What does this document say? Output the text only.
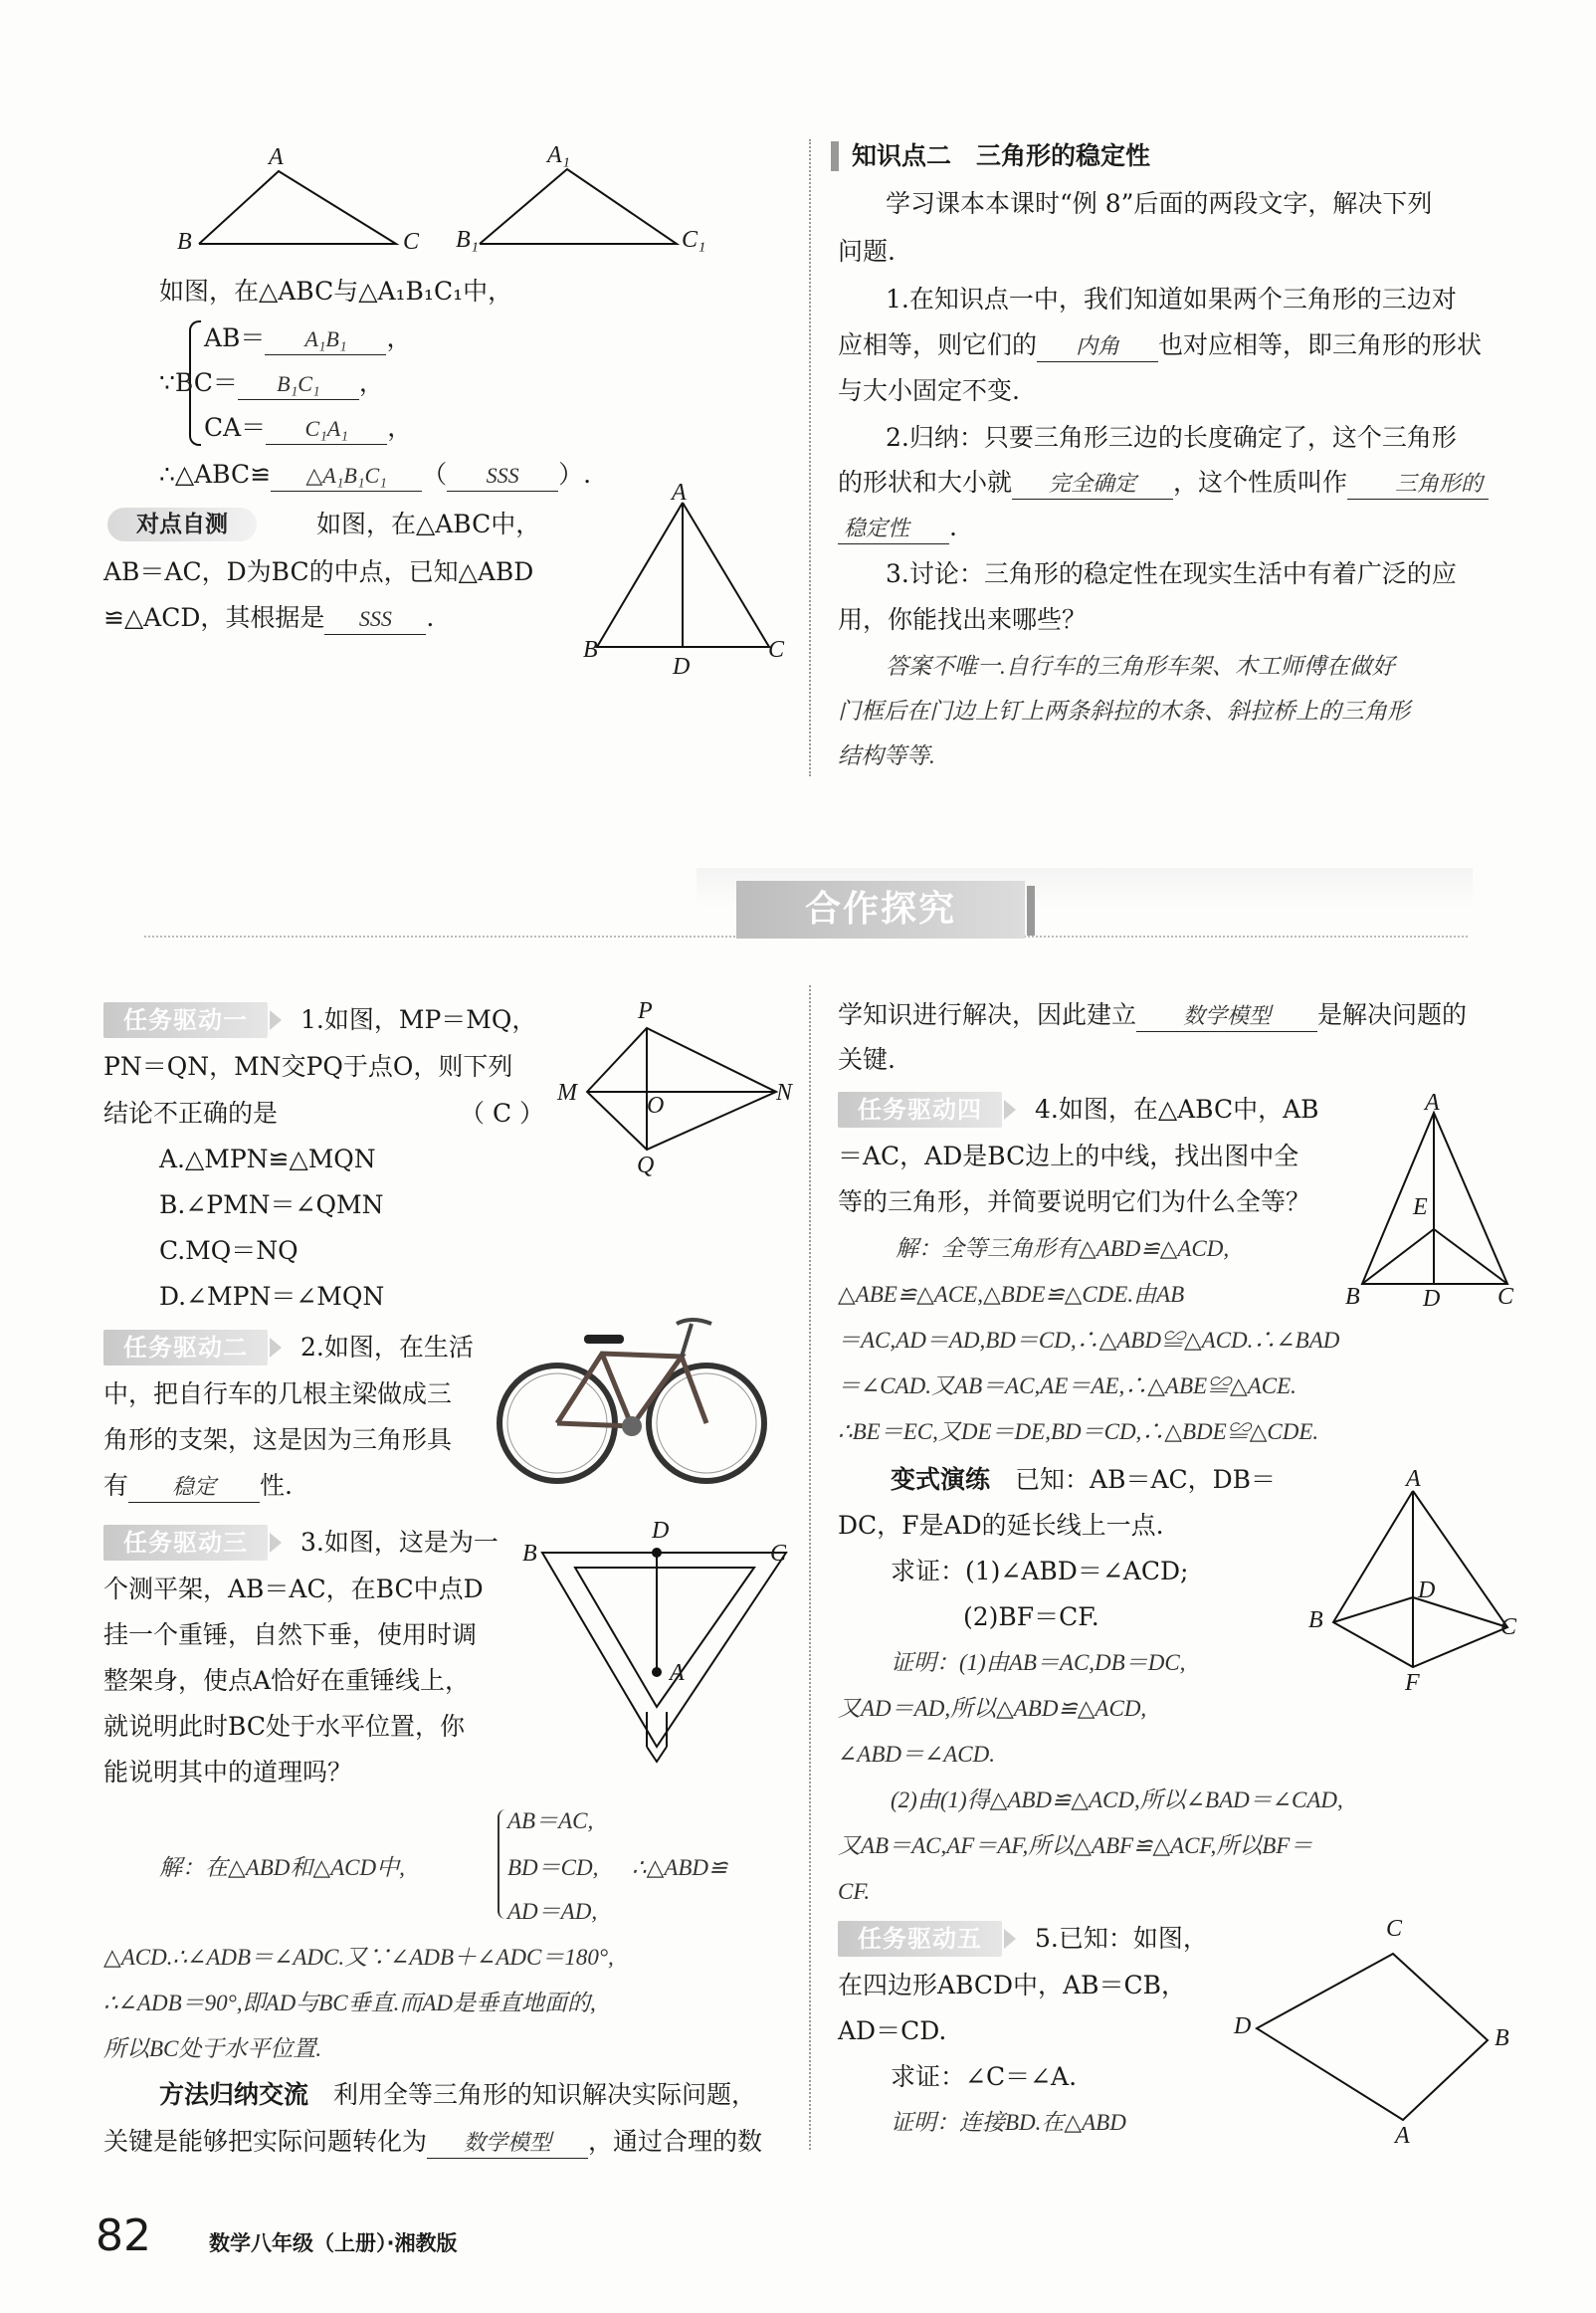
A
B	C
A₁
B₁	C₁
如图，在△ABC与△A₁B₁C₁中，
AB＝ A₁B₁ ，
∵BC＝ B₁C₁ ，
CA＝ C₁A₁ ，
∴△ABC≌ △A₁B₁C₁ （ SSS ）.
对点自测	如图，在△ABC中，
AB＝AC，D为BC的中点，已知△ABD
≌△ACD，其根据是 SSS .
A
B	C
D
知识点二　三角形的稳定性
学习课本本课时“例 8”后面的两段文字，解决下列
问题.
1.在知识点一中，我们知道如果两个三角形的三边对
应相等，则它们的 内角 也对应相等，即三角形的形状
与大小固定不变.
2.归纳：只要三角形三边的长度确定了，这个三角形
的形状和大小就 完全确定 ，这个性质叫作 三角形的
稳定性 .
3.讨论：三角形的稳定性在现实生活中有着广泛的应
用，你能找出来哪些？
答案不唯一.自行车的三角形车架、木工师傅在做好
门框后在门边上钉上两条斜拉的木条、斜拉桥上的三角形
结构等等.
合作探究
任务驱动一	1.如图，MP＝MQ，
PN＝QN，MN交PQ于点O，则下列
结论不正确的是	（ C ）
A.△MPN≌△MQN
B.∠PMN＝∠QMN
C.MQ＝NQ
D.∠MPN＝∠MQN
P
M	O	N
Q
任务驱动二	2.如图，在生活
中，把自行车的几根主梁做成三
角形的支架，这是因为三角形具
有 稳定 性.
任务驱动三	3.如图，这是为一
个测平架，AB＝AC，在BC中点D
挂一个重锤，自然下垂，使用时调
整架身，使点A恰好在重锤线上，
就说明此时BC处于水平位置，你
能说明其中的道理吗？
B
D
C
A
AB＝AC,
解：在△ABD和△ACD中,	BD＝CD, ∴△ABD≌
AD＝AD,
△ACD.∴∠ADB＝∠ADC.又∵∠ADB＋∠ADC＝180°,
∴∠ADB＝90°,即AD与BC垂直.而AD是垂直地面的,
所以BC处于水平位置.
方法归纳交流　 利用全等三角形的知识解决实际问题，
关键是能够把实际问题转化为 数学模型 ，通过合理的数
学知识进行解决，因此建立 数学模型 是解决问题的
关键.
任务驱动四	4.如图，在△ABC中，AB
＝AC，AD是BC边上的中线，找出图中全
等的三角形，并简要说明它们为什么全等？
解：全等三角形有△ABD≌△ACD,
△ABE≌△ACE,△BDE≌△CDE.由AB
＝AC,AD＝AD,BD＝CD,∴△ABD≌△ACD.∴∠BAD
＝∠CAD.又AB＝AC,AE＝AE,∴△ABE≌△ACE.
∴BE＝EC,又DE＝DE,BD＝CD,∴△BDE≌△CDE.
A
E
B	D C
变式演练　 已知：AB＝AC，DB＝
DC，F是AD的延长线上一点.
求证：(1)∠ABD＝∠ACD;
(2)BF＝CF.
证明：(1)由AB＝AC,DB＝DC,
又AD＝AD,所以△ABD≌△ACD,
∠ABD＝∠ACD.
(2)由(1)得△ABD≌△ACD,所以∠BAD＝∠CAD,
又AB＝AC,AF＝AF,所以△ABF≌△ACF,所以BF＝
CF.
A
D
B	C
F
任务驱动五	5.已知：如图，
在四边形ABCD中，AB＝CB，
AD＝CD.
求证：∠C＝∠A.
证明：连接BD.在△ABD
C
D	B
A
82	数学八年级（上册）·湘教版
